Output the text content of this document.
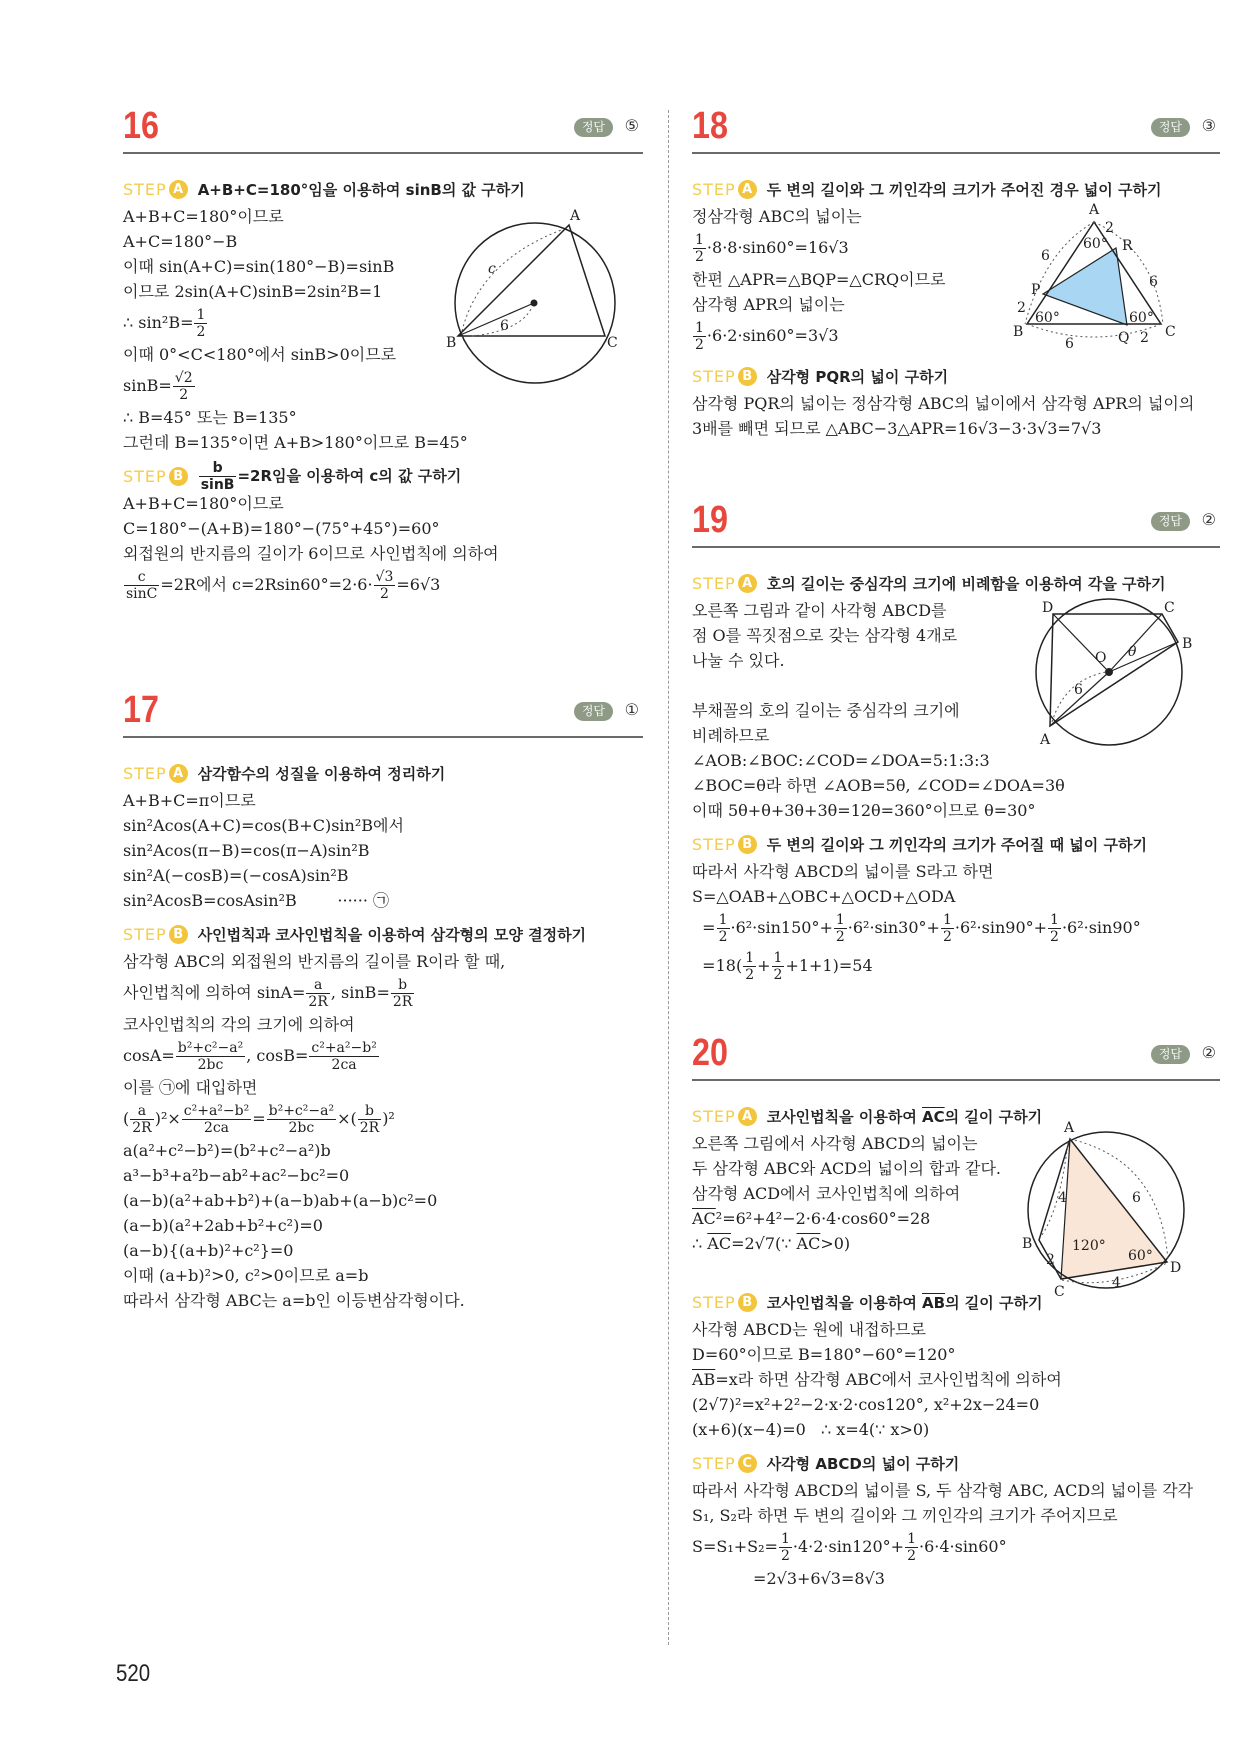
16	정답	⑤
STEP A A+B+C=180°임을 이용하여 sinB의 값 구하기
A+B+C=180°이므로
A+C=180°−B
이때 sin(A+C)=sin(180°−B)=sinB
이므로 2sin(A+C)sinB=2sin²B=1
∴ $\sin^2B= \frac{1}{2}$
이때 0°<C<180°에서 sinB>0이므로
$\sin B= \frac{√2}{2}$
∴ B=45° 또는 B=135°
그런데 B=135°이면 A+B>180°이므로 B=45°
STEP B	$\frac{b}{\sin B} =2R$임을 이용하여 c의 값 구하기
A+B+C=180°이므로
C=180°−(A+B)=180°−(75°+45°)=60°
외접원의 반지름의 길이가 6이므로 사인법칙에 의하여
$\frac{c}{\sin C} =2R$에서 $c=2Rsin60^\circ=2\cdot 6\cdot \frac{√3}{2} =6√3$
17	정답	①
STEP A 삼각함수의 성질을 이용하여 정리하기
A+B+C=π이므로
sin²Acos(A+C)=cos(B+C)sin²B에서
sin²Acos(π−B)=cos(π−A)sin²B
sin²A(−cosB)=(−cosA)sin²B
sin²AcosB=cosAsin²B        ······ ㉠
STEP B 사인법칙과 코사인법칙을 이용하여 삼각형의 모양 결정하기
삼각형 ABC의 외접원의 반지름의 길이를 R이라 할 때,
사인법칙에 의하여 $\sin A= \frac{a}{2R}$ , $\sin B= \frac{b}{2R}$
코사인법칙의 각의 크기에 의하여
$\cos A= \frac{\text{b²+c²−a²}}{2bc}$ , $\cos B= \frac{\text{c²+a²−b²}}{2ca}$
이를 ㉠에 대입하면
( $\frac{a}{2R} )^2\times \frac{\text{c²+a²−b²}}{2ca} = \frac{\text{b²+c²−a²}}{2bc}$ ×( $\frac{b}{2R} )^2$
a(a²+c²−b²)=(b²+c²−a²)b
a³−b³+a²b−ab²+ac²−bc²=0
(a−b)(a²+ab+b²)+(a−b)ab+(a−b)c²=0
(a−b)(a²+2ab+b²+c²)=0
(a−b){(a+b)²+c²}=0
이때 (a+b)²>0, c²>0이므로 a=b
따라서 삼각형 ABC는 a=b인 이등변삼각형이다.
18	정답	③
STEP A 두 변의 길이와 그 끼인각의 크기가 주어진 경우 넓이 구하기
정삼각형 ABC의 넓이는
$\frac{1}{2} \cdot 8\cdot 8\cdot\sin 60^\circ=16√3$
한편 △APR=△BQP=△CRQ이므로
삼각형 APR의 넓이는
$\frac{1}{2} \cdot 6\cdot 2\cdot\sin 60^\circ=3√3$
STEP B 삼각형 PQR의 넓이 구하기
삼각형 PQR의 넓이는 정삼각형 ABC의 넓이에서 삼각형 APR의 넓이의
3배를 빼면 되므로 △ABC−3△APR=16√3−3·3√3=7√3
19	정답	②
STEP A 호의 길이는 중심각의 크기에 비례함을 이용하여 각을 구하기
오른쪽 그림과 같이 사각형 ABCD를
점 O를 꼭짓점으로 갖는 삼각형 4개로
나눌 수 있다.
부채꼴의 호의 길이는 중심각의 크기에
비례하므로
∠AOB:∠BOC:∠COD=∠DOA=5:1:3:3
∠BOC=θ라 하면 ∠AOB=5θ, ∠COD=∠DOA=3θ
이때 5θ+θ+3θ+3θ=12θ=360°이므로 θ=30°
STEP B 두 변의 길이와 그 끼인각의 크기가 주어질 때 넓이 구하기
따라서 사각형 ABCD의 넓이를 S라고 하면
S=△OAB+△OBC+△OCD+△ODA
= $\frac{1}{2} \cdot 6^2\cdot\sin 150^\circ+ \frac{1}{2} \cdot 6^2\cdot\sin 30^\circ+ \frac{1}{2} \cdot 6^2\cdot\sin 90^\circ+ \frac{1}{2} \cdot 6^2\cdot\sin 90^\circ$
$=18( \frac{1}{2} + \frac{1}{2} +1+1)=54$
20	정답	②
STEP A 코사인법칙을 이용하여 $\overline{AC}$의 길이 구하기
오른쪽 그림에서 사각형 ABCD의 넓이는
두 삼각형 ABC와 ACD의 넓이의 합과 같다.
삼각형 ACD에서 코사인법칙에 의하여
$\overline{AC}^2=6^2+4^2-2\cdot 6\cdot 4\cdot\cos 60^\circ=28$
∴ $\overline{AC}=2√7(\because$ $\overline{AC}>0$)
STEP B 코사인법칙을 이용하여 $\overline{AB}$의 길이 구하기
사각형 ABCD는 원에 내접하므로
D=60°이므로 B=180°−60°=120°
$\overline{AB}=x$라 하면 삼각형 ABC에서 코사인법칙에 의하여
(2√7)²=x²+2²−2·x·2·cos120°, x²+2x−24=0
(x+6)(x−4)=0   ∴ x=4(∵ x>0)
STEP C 사각형 ABCD의 넓이 구하기
따라서 사각형 ABCD의 넓이를 S, 두 삼각형 ABC, ACD의 넓이를 각각
S₁, S₂라 하면 두 변의 길이와 그 끼인각의 크기가 주어지므로
$S=S_1+S_2= \frac{1}{2} \cdot 4\cdot 2\cdot\sin 120^\circ+ \frac{1}{2} \cdot 6\cdot 4\cdot\sin 60^\circ$
=2√3+6√3=8√3
A
B	C
c
6
A
B	C
P
R
Q
2
2
2
6
6
6
60°
60°	60°
D	C
B
A
O θ
6
A
B
C
D
6
4
4
2
120°
60°
520
